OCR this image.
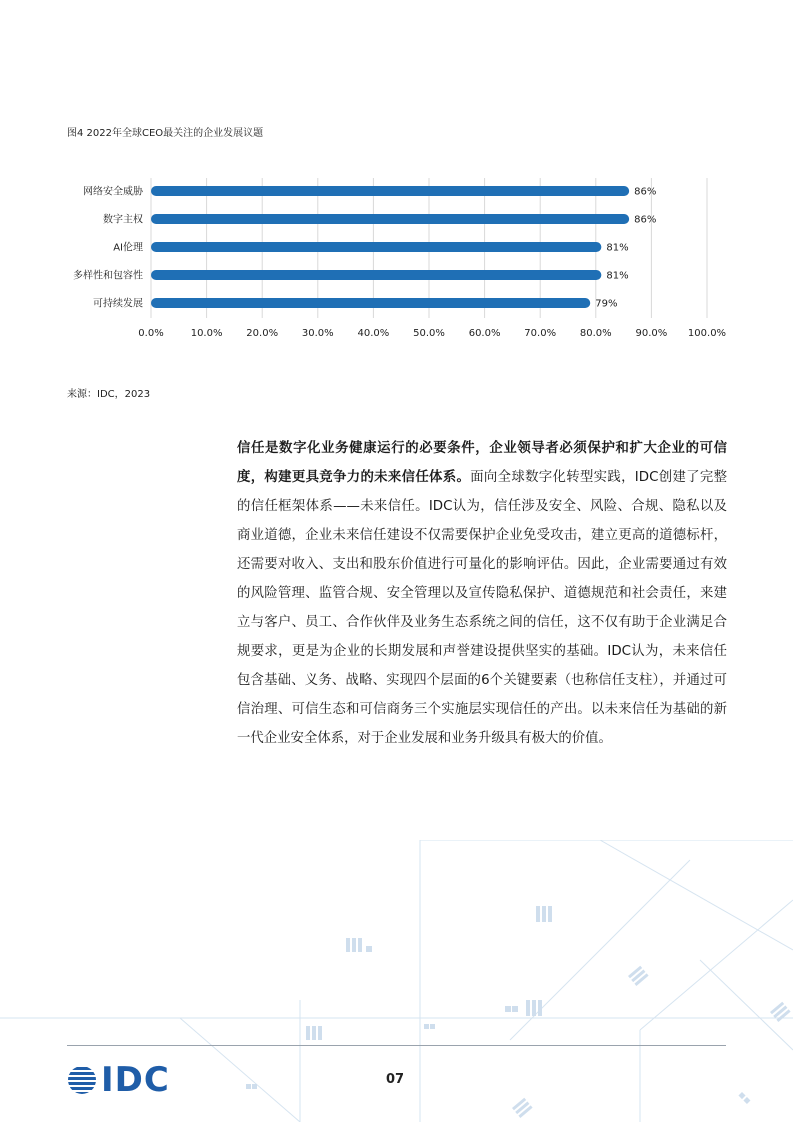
图4 2022年全球CEO最关注的企业发展议题
0.0%	10.0% 20.0% 30.0% 40.0% 50.0% 60.0% 70.0% 80.0% 90.0% 100.0%
网络安全威胁	86%
数字主权	86%
AI伦理	81%
多样性和包容性	81%
可持续发展	79%
来源：IDC，2023
信任是数字化业务健康运行的必要条件，企业领导者必须保护和扩大企业的可信度，构建更具竞争力的未来信任体系。面向全球数字化转型实践，IDC创建了完整的信任框架体系——未来信任。IDC认为，信任涉及安全、风险、合规、隐私以及商业道德，企业未来信任建设不仅需要保护企业免受攻击，建立更高的道德标杆，还需要对收入、支出和股东价值进行可量化的影响评估。因此，企业需要通过有效的风险管理、监管合规、安全管理以及宣传隐私保护、道德规范和社会责任，来建立与客户、员工、合作伙伴及业务生态系统之间的信任，这不仅有助于企业满足合规要求，更是为企业的长期发展和声誉建设提供坚实的基础。IDC认为，未来信任包含基础、义务、战略、实现四个层面的6个关键要素（也称信任支柱），并通过可信治理、可信生态和可信商务三个实施层实现信任的产出。以未来信任为基础的新一代企业安全体系，对于企业发展和业务升级具有极大的价值。
IDC	07
